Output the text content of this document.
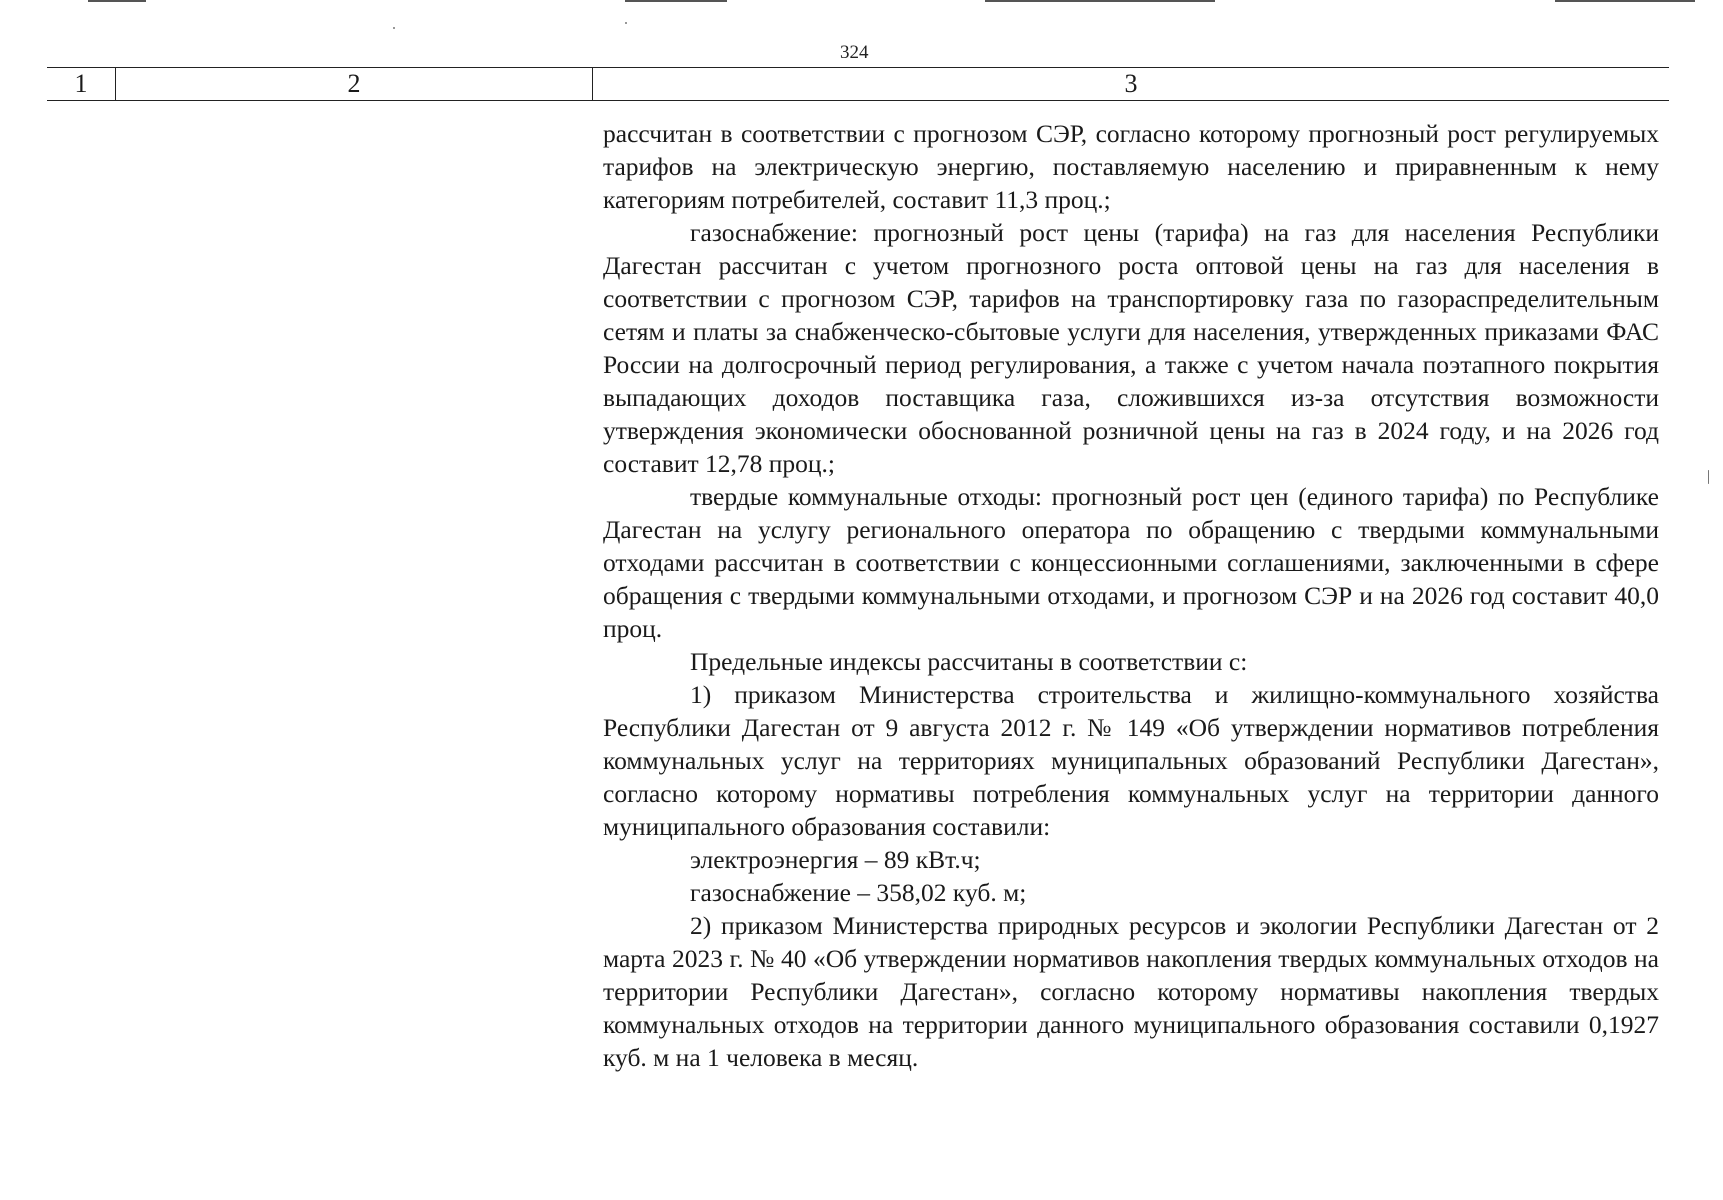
324
1	2	3

рассчитан в соответствии с прогнозом СЭР, согласно которому прогнозный рост регулируемых тарифов на электрическую энергию, поставляемую населению и приравненным к нему категориям потребителей, составит 11,3 проц.;

газоснабжение: прогнозный рост цены (тарифа) на газ для населения Республики Дагестан рассчитан с учетом прогнозного роста оптовой цены на газ для населения в соответствии с прогнозом СЭР, тарифов на транспортировку газа по газораспределительным сетям и платы за снабженческо-сбытовые услуги для населения, утвержденных приказами ФАС России на долгосрочный период регулирования, а также с учетом начала поэтапного покрытия выпадающих доходов поставщика газа, сложившихся из-за отсутствия возможности утверждения экономически обоснованной розничной цены на газ в 2024 году, и на 2026 год составит 12,78 проц.;

твердые коммунальные отходы: прогнозный рост цен (единого тарифа) по Республике Дагестан на услугу регионального оператора по обращению с твердыми коммунальными отходами рассчитан в соответствии с концессионными соглашениями, заключенными в сфере обращения с твердыми коммунальными отходами, и прогнозом СЭР и на 2026 год составит 40,0 проц.

Предельные индексы рассчитаны в соответствии с:

1) приказом Министерства строительства и жилищно-коммунального хозяйства Республики Дагестан от 9 августа 2012 г. № 149 «Об утверждении нормативов потребления коммунальных услуг на территориях муниципальных образований Республики Дагестан», согласно которому нормативы потребления коммунальных услуг на территории данного муниципального образования составили:

электроэнергия – 89 кВт.ч;

газоснабжение – 358,02 куб. м;

2) приказом Министерства природных ресурсов и экологии Республики Дагестан от 2 марта 2023 г. № 40 «Об утверждении нормативов накопления твердых коммунальных отходов на территории Республики Дагестан», согласно которому нормативы накопления твердых коммунальных отходов на территории данного муниципального образования составили 0,1927 куб. м на 1 человека в месяц.
